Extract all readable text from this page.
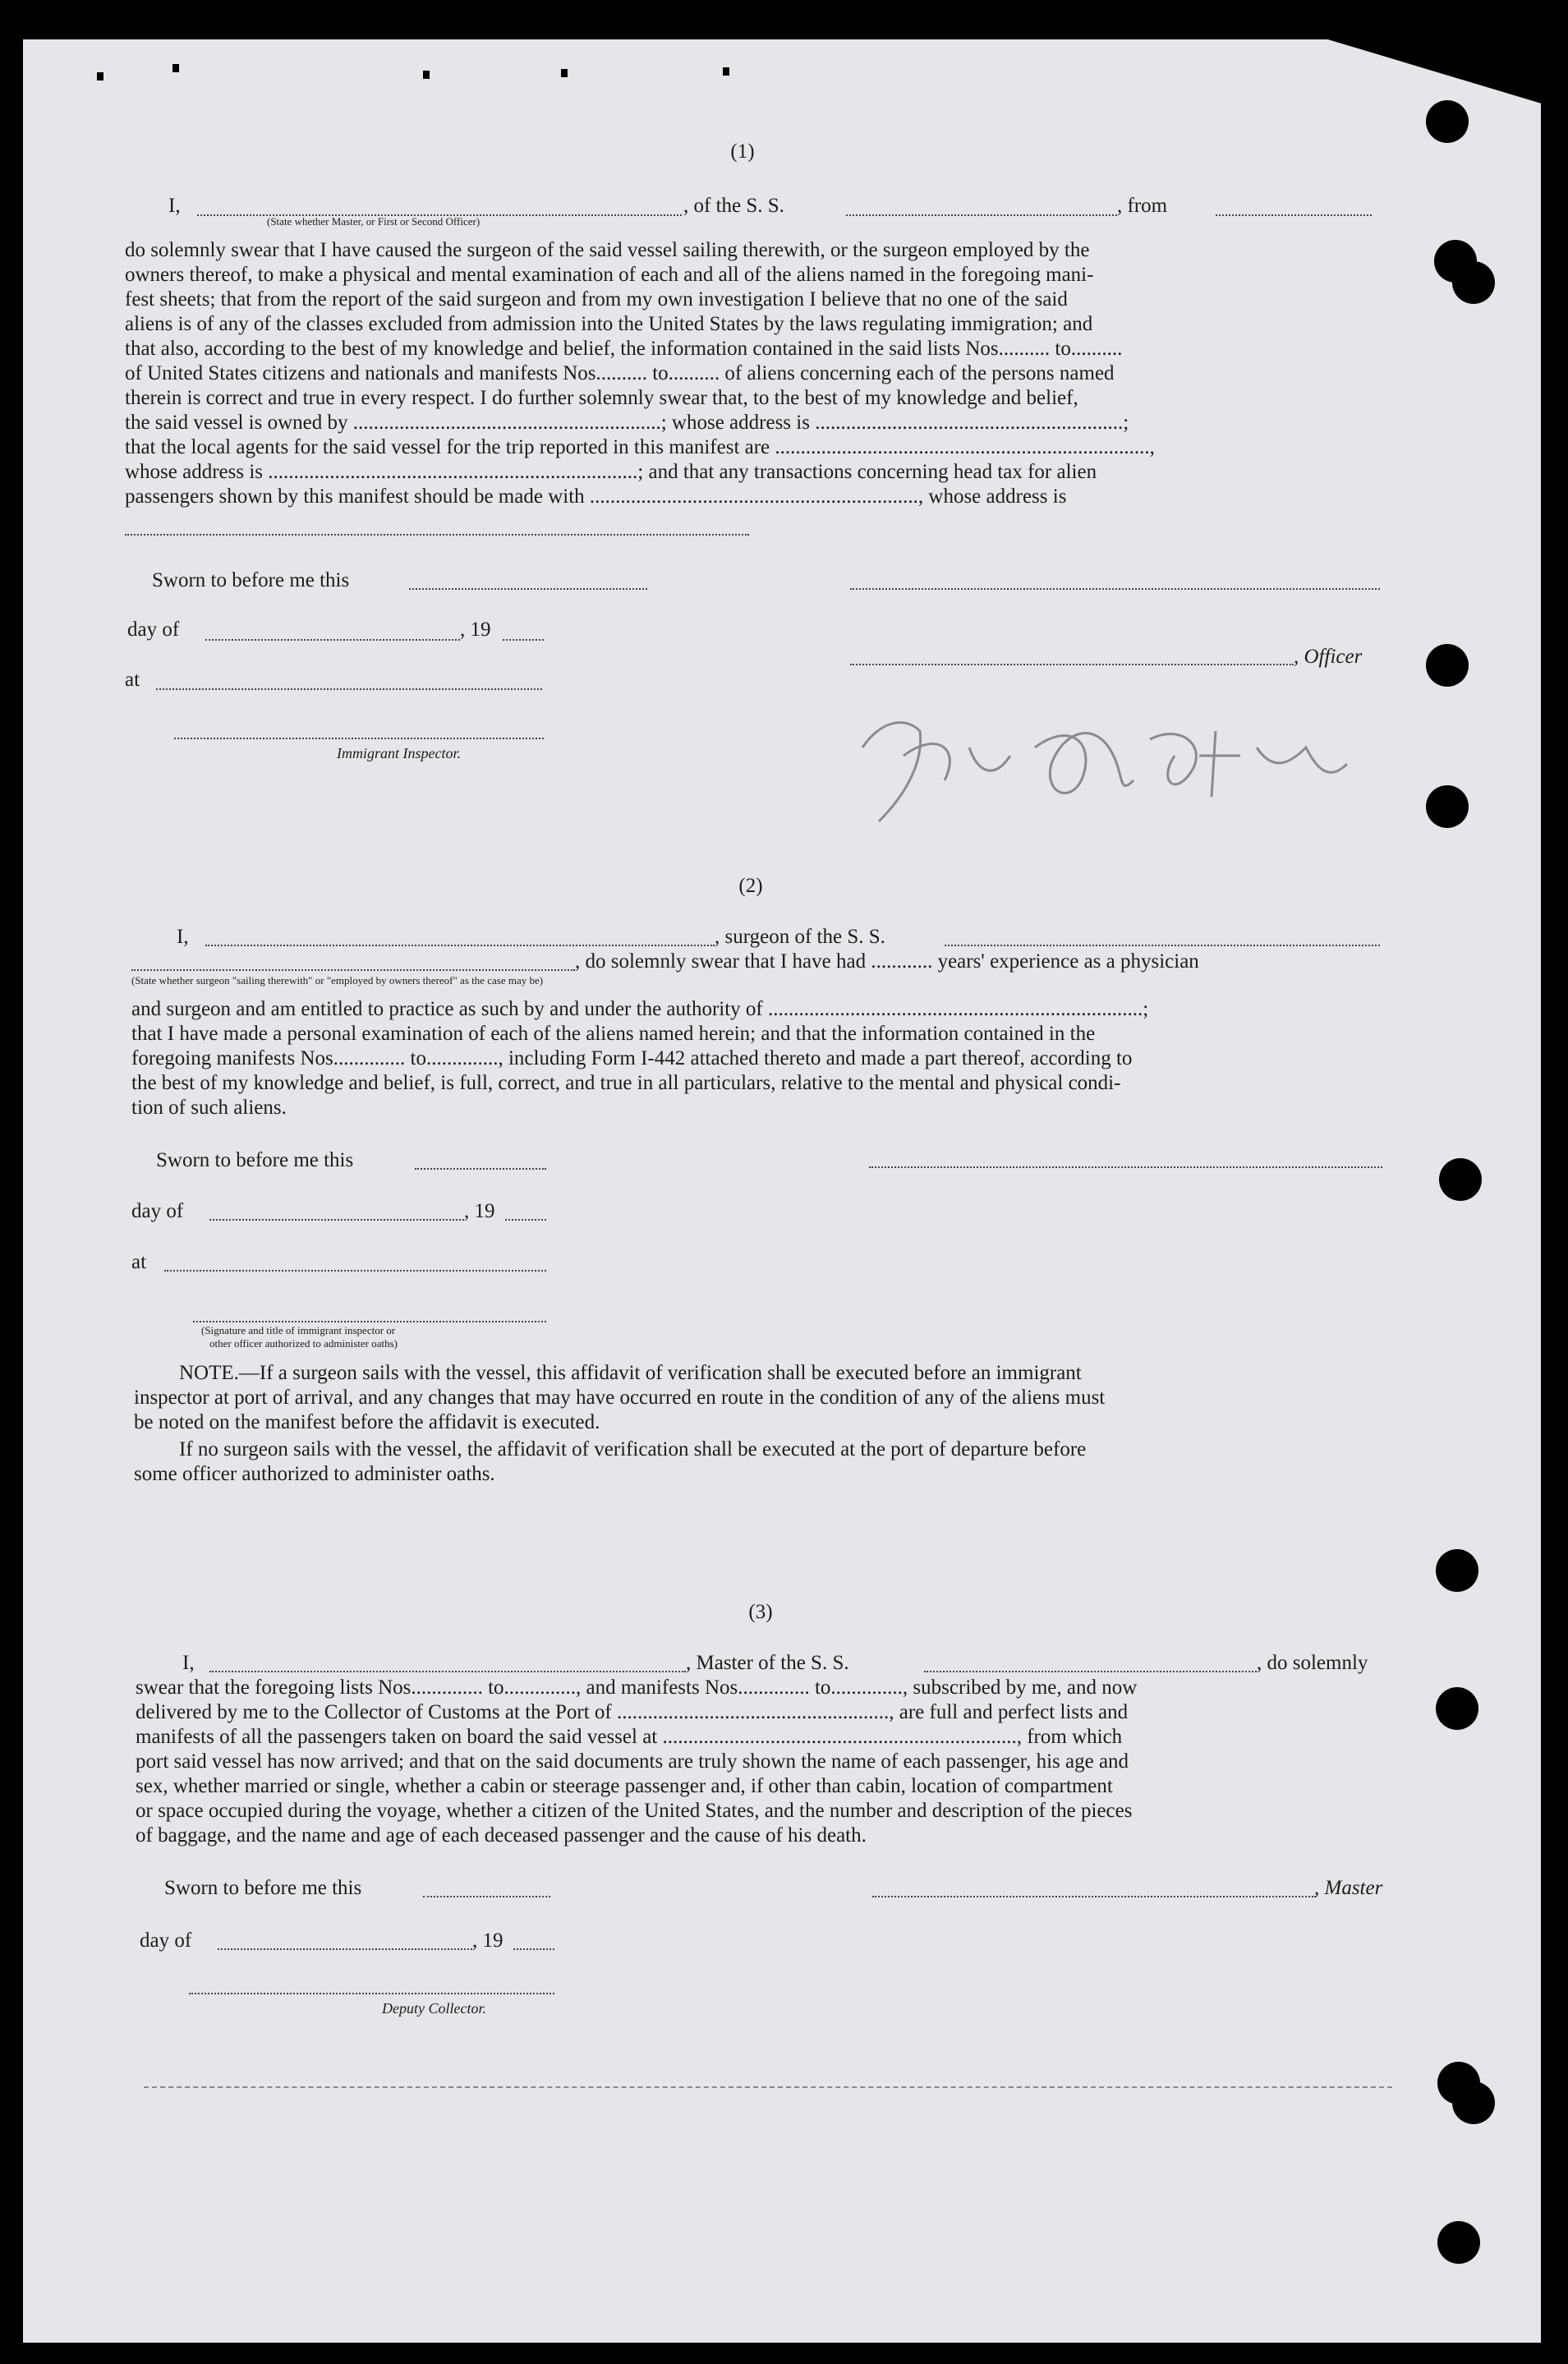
(1)
I,	, of the S. S.	, from
(State whether Master, or First or Second Officer)
do solemnly swear that I have caused the surgeon of the said vessel sailing therewith, or the surgeon employed by the
owners thereof, to make a physical and mental examination of each and all of the aliens named in the foregoing mani-
fest sheets; that from the report of the said surgeon and from my own investigation I believe that no one of the said
aliens is of any of the classes excluded from admission into the United States by the laws regulating immigration; and
that also, according to the best of my knowledge and belief, the information contained in the said lists Nos.......... to..........
of United States citizens and nationals and manifests Nos.......... to.......... of aliens concerning each of the persons named
therein is correct and true in every respect. I do further solemnly swear that, to the best of my knowledge and belief,
the said vessel is owned by ............................................................; whose address is ............................................................;
that the local agents for the said vessel for the trip reported in this manifest are .........................................................................,
whose address is ........................................................................; and that any transactions concerning head tax for alien
passengers shown by this manifest should be made with ................................................................, whose address is
Sworn to before me this
day of	, 19
, Officer
at
Immigrant Inspector.
(2)
I,	, surgeon of the S. S.
, do solemnly swear that I have had ............ years' experience as a physician
(State whether surgeon "sailing therewith" or "employed by owners thereof" as the case may be)
and surgeon and am entitled to practice as such by and under the authority of .........................................................................;
that I have made a personal examination of each of the aliens named herein; and that the information contained in the
foregoing manifests Nos.............. to.............., including Form I-442 attached thereto and made a part thereof, according to
the best of my knowledge and belief, is full, correct, and true in all particulars, relative to the mental and physical condi-
tion of such aliens.
Sworn to before me this
day of	, 19
at
(Signature and title of immigrant inspector or
other officer authorized to administer oaths)
NOTE.—If a surgeon sails with the vessel, this affidavit of verification shall be executed before an immigrant
inspector at port of arrival, and any changes that may have occurred en route in the condition of any of the aliens must
be noted on the manifest before the affidavit is executed.
If no surgeon sails with the vessel, the affidavit of verification shall be executed at the port of departure before
some officer authorized to administer oaths.
(3)
I,	, Master of the S. S.	, do solemnly
swear that the foregoing lists Nos.............. to.............., and manifests Nos.............. to.............., subscribed by me, and now
delivered by me to the Collector of Customs at the Port of ....................................................., are full and perfect lists and
manifests of all the passengers taken on board the said vessel at ....................................................................., from which
port said vessel has now arrived; and that on the said documents are truly shown the name of each passenger, his age and
sex, whether married or single, whether a cabin or steerage passenger and, if other than cabin, location of compartment
or space occupied during the voyage, whether a citizen of the United States, and the number and description of the pieces
of baggage, and the name and age of each deceased passenger and the cause of his death.
Sworn to before me this	, Master
day of	, 19
Deputy Collector.
